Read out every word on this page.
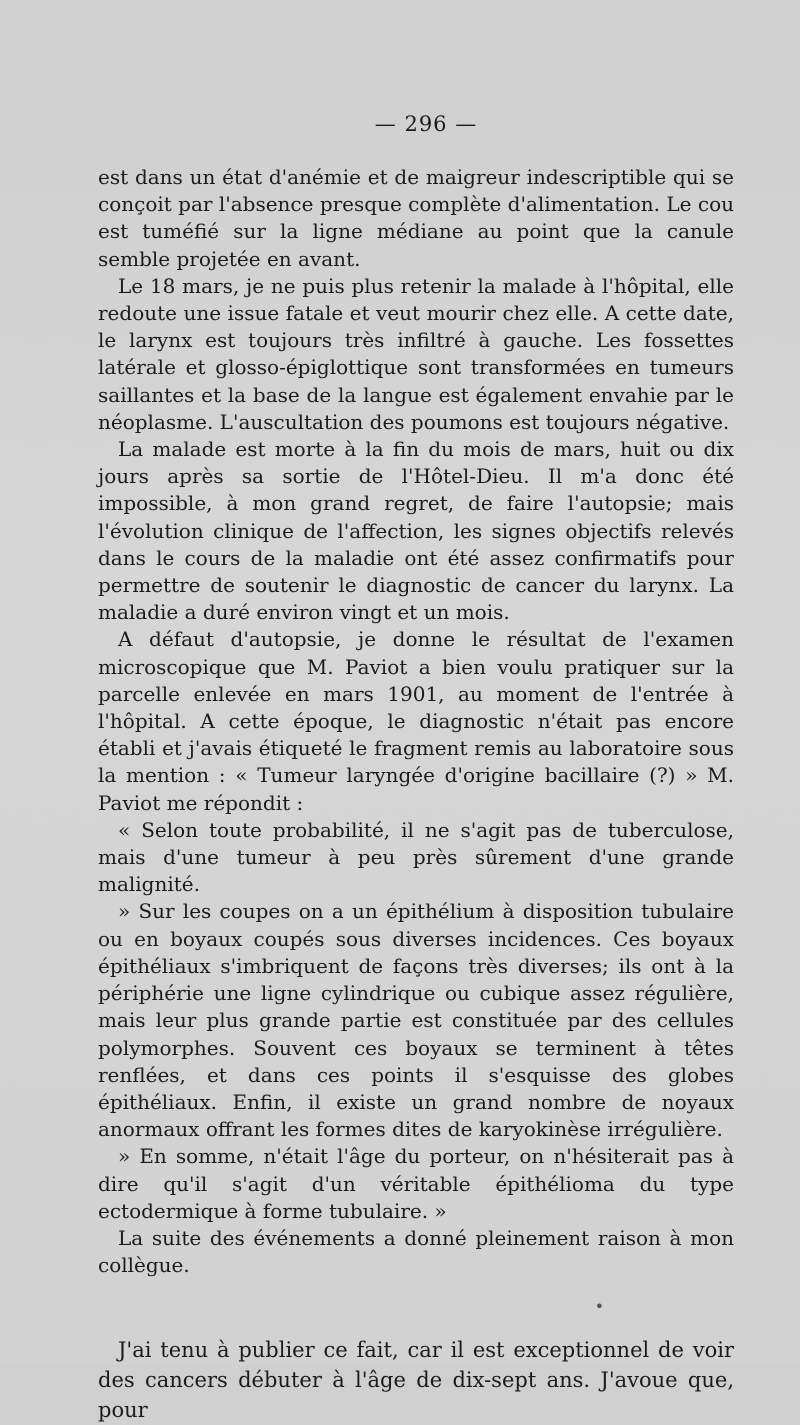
— 296 —

est dans un état d'anémie et de maigreur indescriptible qui se conçoit par l'absence presque complète d'alimentation. Le cou est tuméfié sur la ligne médiane au point que la canule semble projetée en avant.

Le 18 mars, je ne puis plus retenir la malade à l'hôpital, elle redoute une issue fatale et veut mourir chez elle. A cette date, le larynx est toujours très infiltré à gauche. Les fossettes latérale et glosso-épiglottique sont transformées en tumeurs saillantes et la base de la langue est également envahie par le néoplasme. L'auscultation des poumons est toujours négative.

La malade est morte à la fin du mois de mars, huit ou dix jours après sa sortie de l'Hôtel-Dieu. Il m'a donc été impossible, à mon grand regret, de faire l'autopsie; mais l'évolution clinique de l'affection, les signes objectifs relevés dans le cours de la maladie ont été assez confirmatifs pour permettre de soutenir le diagnostic de cancer du larynx. La maladie a duré environ vingt et un mois.

A défaut d'autopsie, je donne le résultat de l'examen microscopique que M. Paviot a bien voulu pratiquer sur la parcelle enlevée en mars 1901, au moment de l'entrée à l'hôpital. A cette époque, le diagnostic n'était pas encore établi et j'avais étiqueté le fragment remis au laboratoire sous la mention : « Tumeur laryngée d'origine bacillaire (?) » M. Paviot me répondit :

« Selon toute probabilité, il ne s'agit pas de tuberculose, mais d'une tumeur à peu près sûrement d'une grande malignité.

» Sur les coupes on a un épithélium à disposition tubulaire ou en boyaux coupés sous diverses incidences. Ces boyaux épithéliaux s'imbriquent de façons très diverses; ils ont à la périphérie une ligne cylindrique ou cubique assez régulière, mais leur plus grande partie est constituée par des cellules polymorphes. Souvent ces boyaux se terminent à têtes renflées, et dans ces points il s'esquisse des globes épithéliaux. Enfin, il existe un grand nombre de noyaux anormaux offrant les formes dites de karyokinèse irrégulière.

» En somme, n'était l'âge du porteur, on n'hésiterait pas à dire qu'il s'agit d'un véritable épithélioma du type ectodermique à forme tubulaire. »

La suite des événements a donné pleinement raison à mon collègue.

•

J'ai tenu à publier ce fait, car il est exceptionnel de voir des cancers débuter à l'âge de dix-sept ans. J'avoue que, pour
